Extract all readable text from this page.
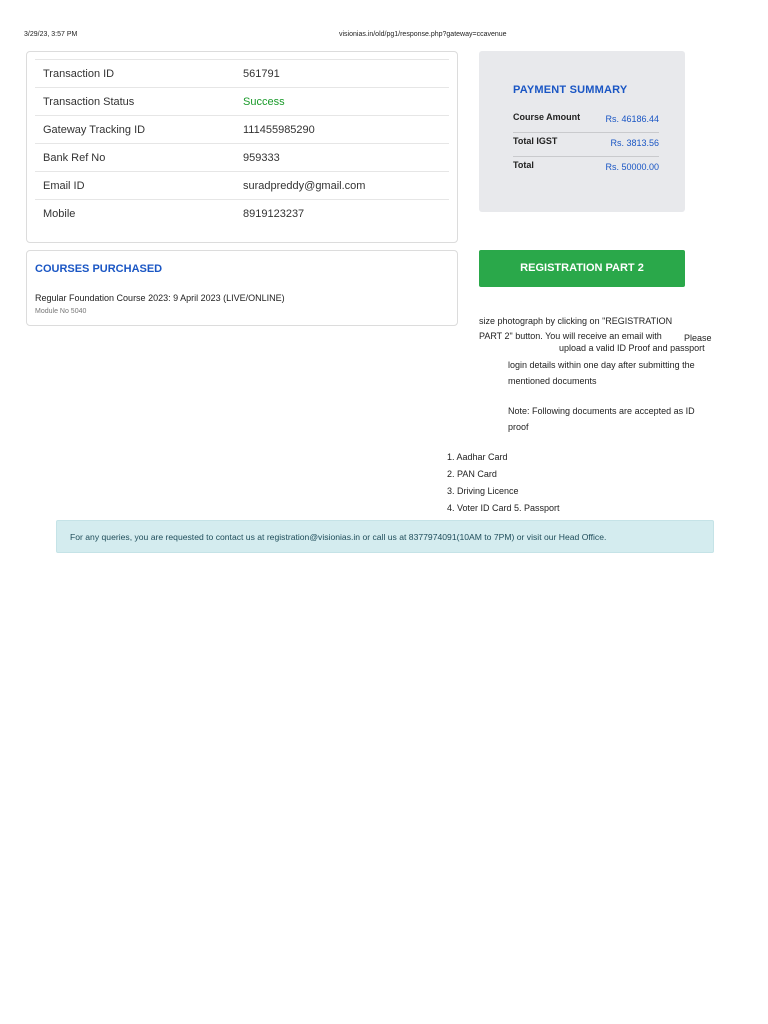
3/29/23, 3:57 PM	visionias.in/old/pg1/response.php?gateway=ccavenue
Transaction ID	561791
Transaction Status	Success
Gateway Tracking ID	111455985290
Bank Ref No	959333
Email ID	suradpreddy@gmail.com
Mobile	8919123237
PAYMENT SUMMARY
Course Amount	Rs. 46186.44
Total IGST	Rs. 3813.56
Total	Rs. 50000.00
REGISTRATION PART 2
COURSES PURCHASED
Regular Foundation Course 2023: 9 April 2023 (LIVE/ONLINE)
Module No 5040
size photograph by clicking on "REGISTRATION
PART 2" button. You will receive an email with Please
upload a valid ID Proof and passport
login details within one day after submitting the
mentioned documents
Note: Following documents are accepted as ID
proof
1. Aadhar Card
2. PAN Card
3. Driving Licence
4. Voter ID Card 5. Passport
For any queries, you are requested to contact us at registration@visionias.in or call us at 8377974091(10AM to 7PM) or visit our Head Office.
